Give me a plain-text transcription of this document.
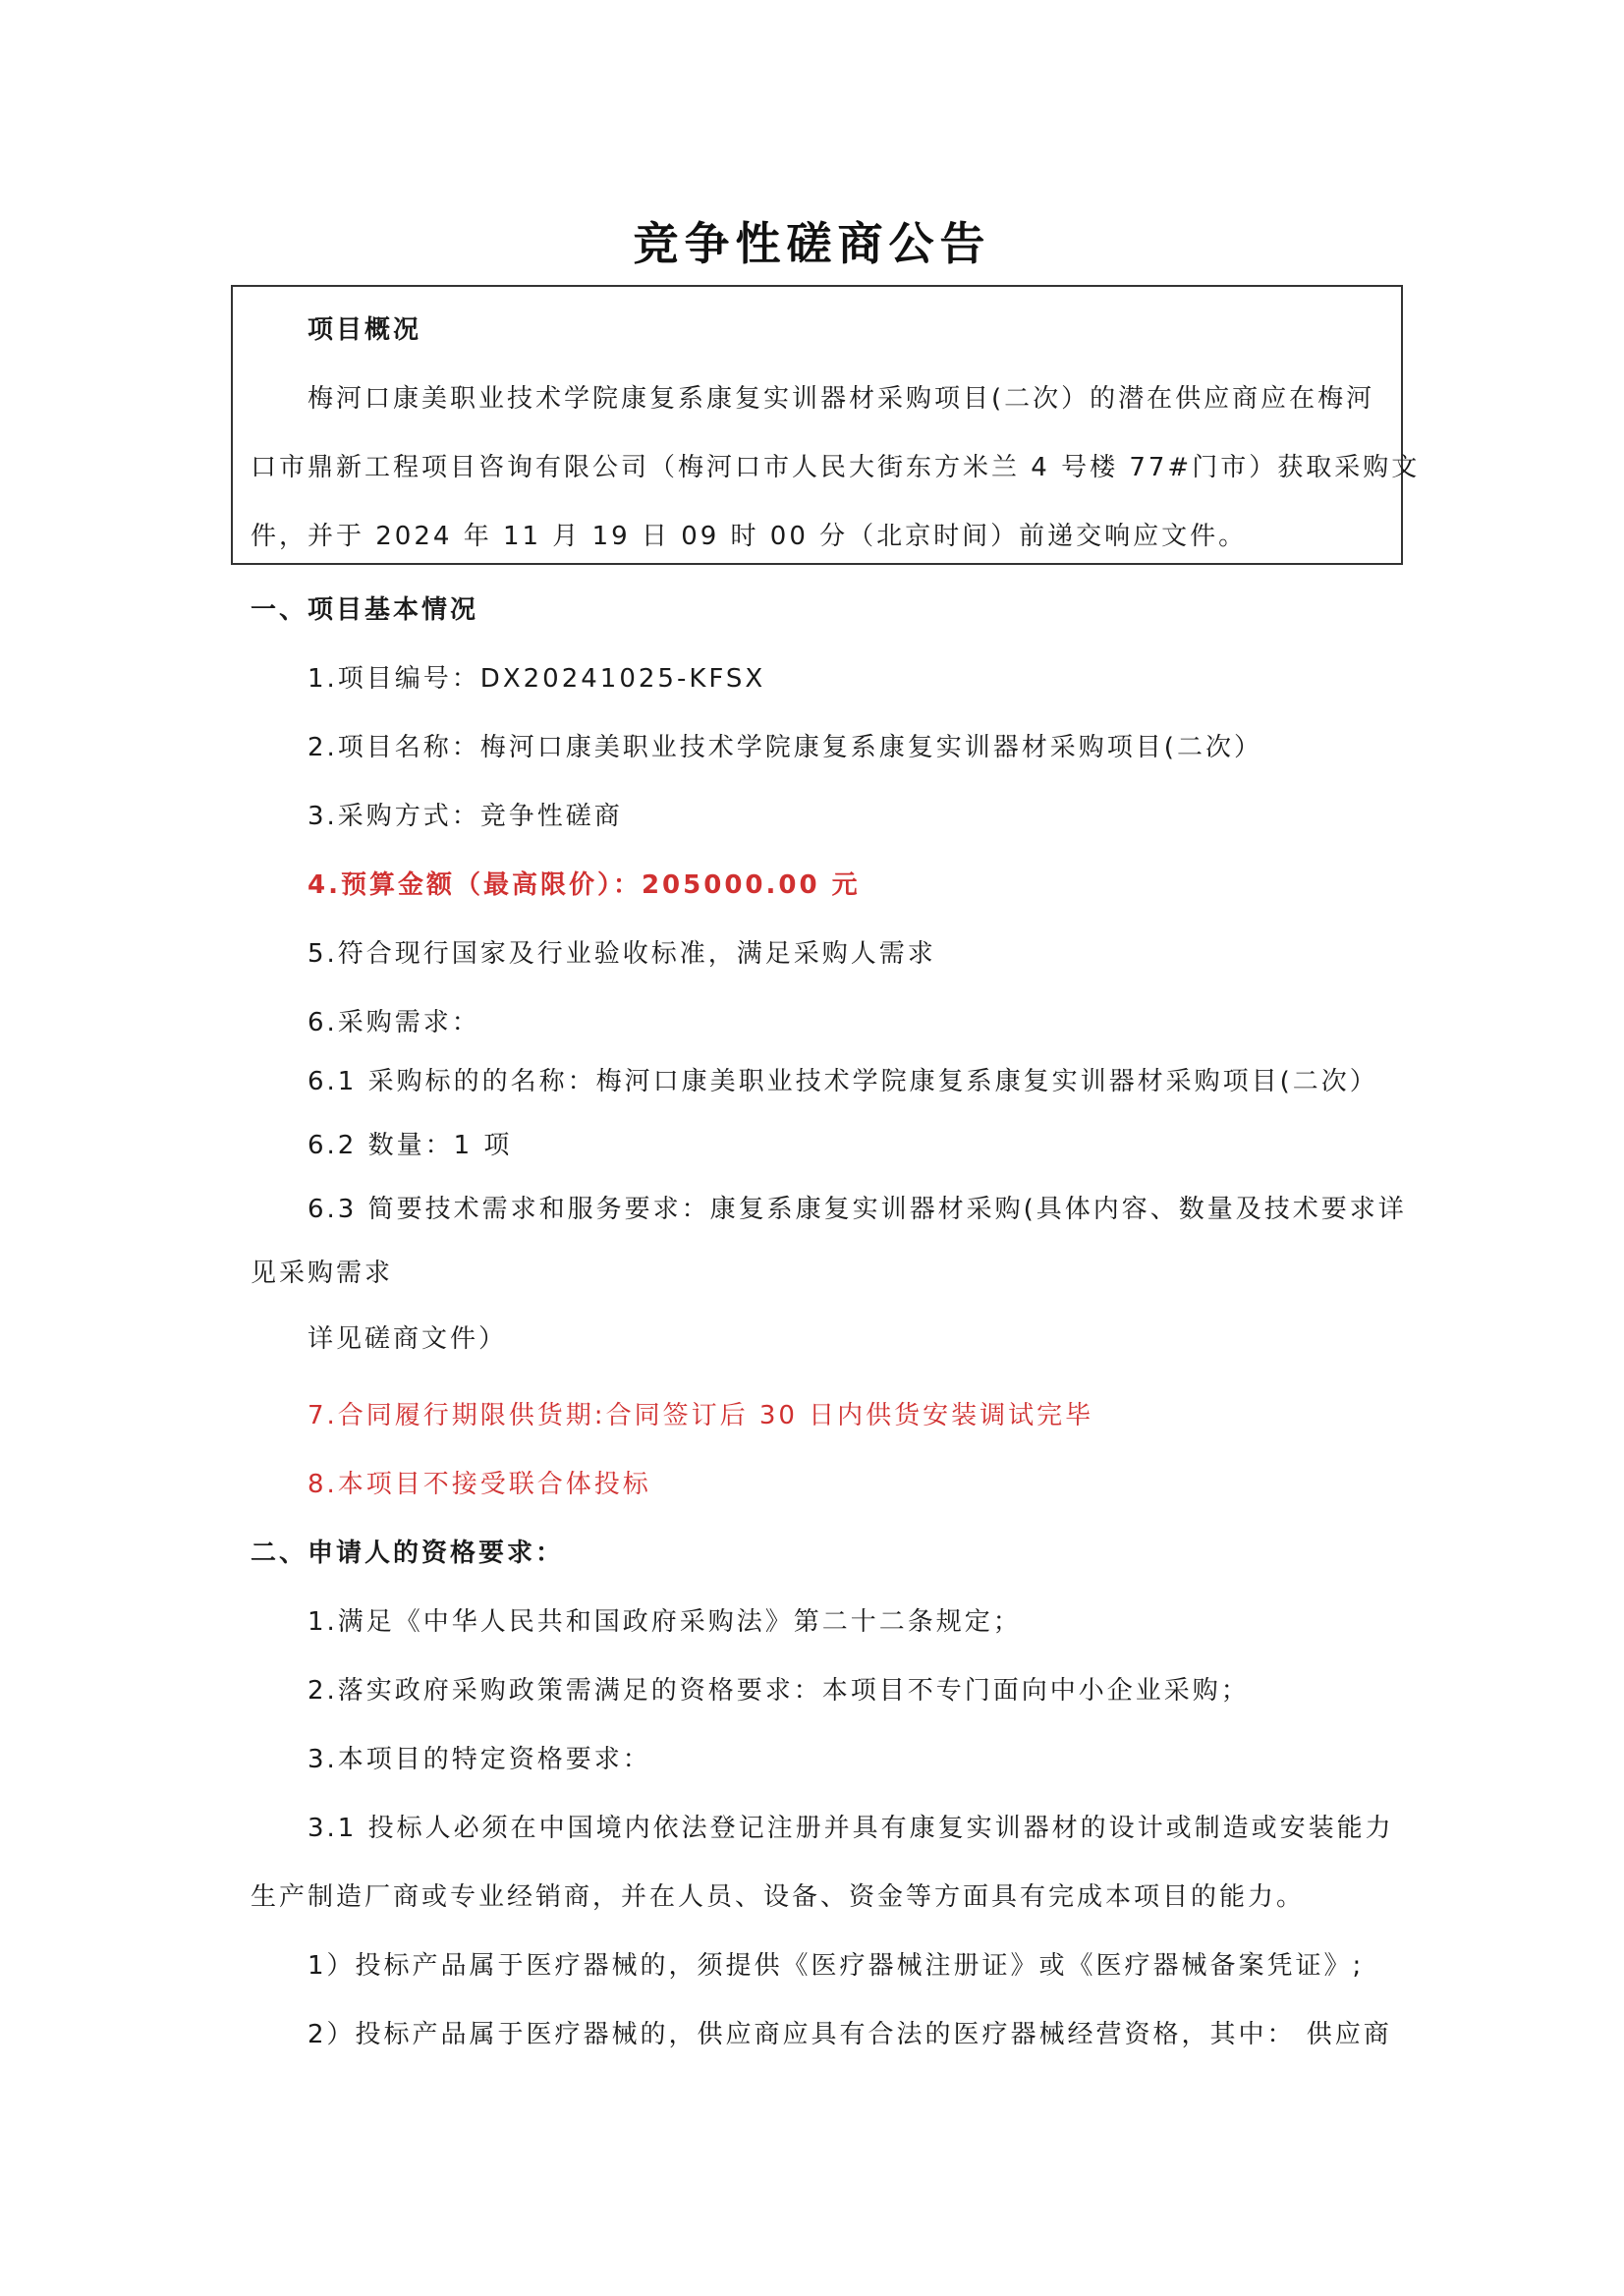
竞争性磋商公告
项目概况
梅河口康美职业技术学院康复系康复实训器材采购项目(二次）的潜在供应商应在梅河
口市鼎新工程项目咨询有限公司（梅河口市人民大街东方米兰 4 号楼 77#门市）获取采购文
件，并于 2024 年 11 月 19 日 09 时 00 分（北京时间）前递交响应文件。
一、项目基本情况
1.项目编号：DX20241025-KFSX
2.项目名称：梅河口康美职业技术学院康复系康复实训器材采购项目(二次）
3.采购方式：竞争性磋商
4.预算金额（最高限价）：205000.00 元
5.符合现行国家及行业验收标准，满足采购人需求
6.采购需求：
6.1 采购标的的名称：梅河口康美职业技术学院康复系康复实训器材采购项目(二次）
6.2 数量：1 项
6.3 简要技术需求和服务要求：康复系康复实训器材采购(具体内容、数量及技术要求详
见采购需求
详见磋商文件）
7.合同履行期限供货期:合同签订后 30 日内供货安装调试完毕
8.本项目不接受联合体投标
二、申请人的资格要求：
1.满足《中华人民共和国政府采购法》第二十二条规定；
2.落实政府采购政策需满足的资格要求：本项目不专门面向中小企业采购；
3.本项目的特定资格要求：
3.1 投标人必须在中国境内依法登记注册并具有康复实训器材的设计或制造或安装能力
生产制造厂商或专业经销商，并在人员、设备、资金等方面具有完成本项目的能力。
1）投标产品属于医疗器械的，须提供《医疗器械注册证》或《医疗器械备案凭证》;
2）投标产品属于医疗器械的，供应商应具有合法的医疗器械经营资格，其中： 供应商
